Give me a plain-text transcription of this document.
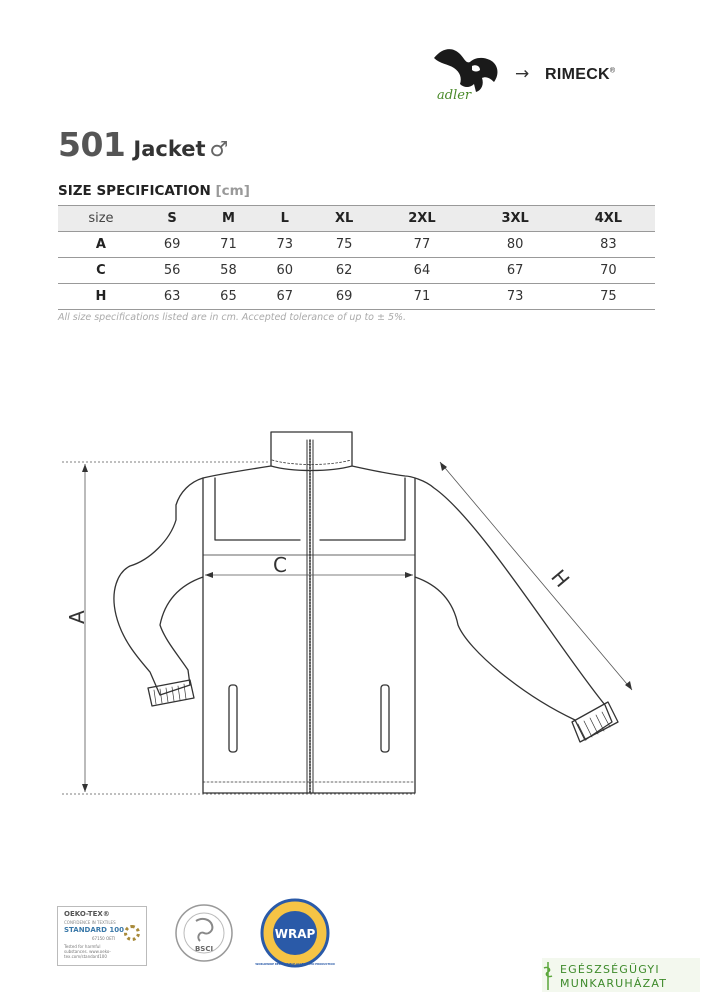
adler
→ RIMECK®
501 Jacket ♂
SIZE SPECIFICATION [cm]
size	S	M	L	XL	2XL	3XL	4XL
A	69	71	73	75	77	80	83
C	56	58	60	62	64	67	70
H	63	65	67	69	71	73	75
All size specifications listed are in cm. Accepted tolerance of up to ± 5%.
A
C	H
OEKO-TEX®
CONFIDENCE IN TEXTILES
STANDARD 100
67150 OETI
Tested for harmful substances. www.oeko-tex.com/standard100
BSCI
WRAP
WORLDWIDE RESPONSIBLE ACCREDITED PRODUCTION	EGÉSZSÉGÜGYI
MUNKARUHÁZAT
